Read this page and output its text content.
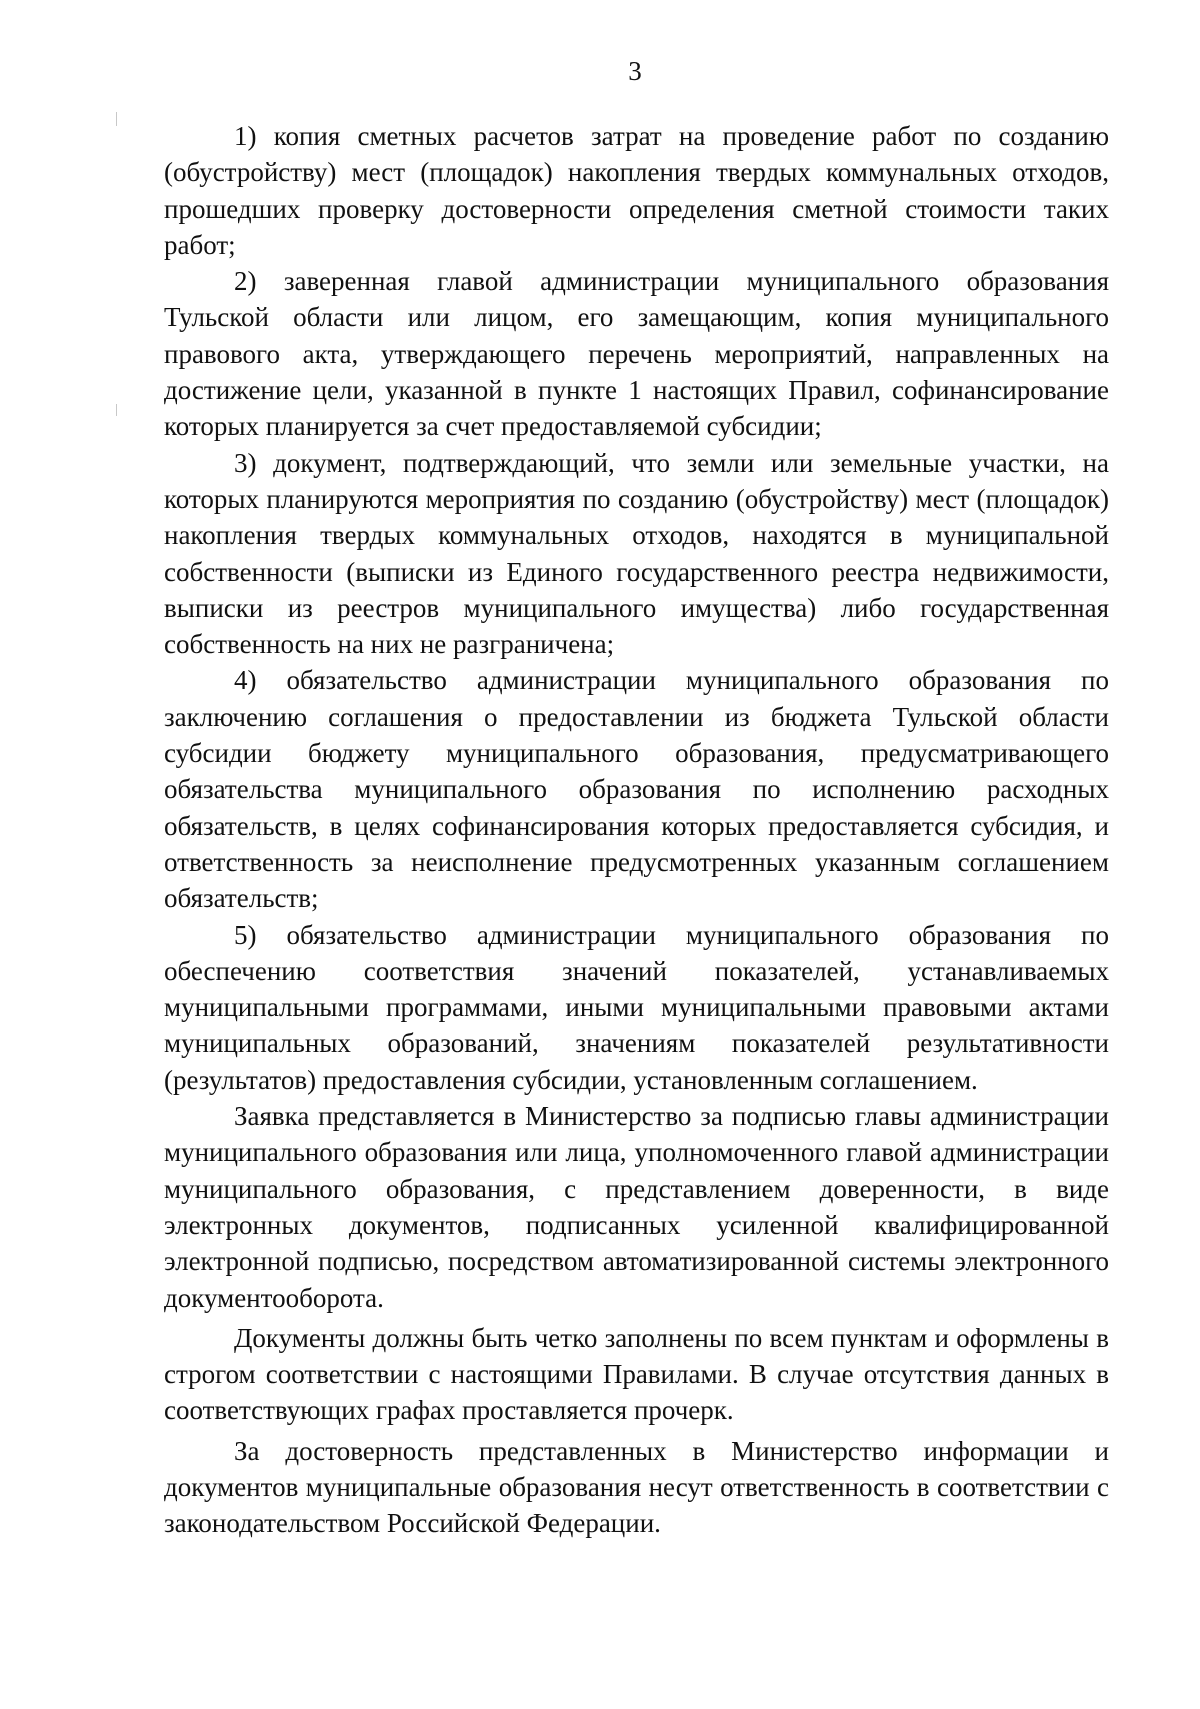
3

1) копия сметных расчетов затрат на проведение работ по созданию (обустройству) мест (площадок) накопления твердых коммунальных отходов, прошедших проверку достоверности определения сметной стоимости таких работ;

2) заверенная главой администрации муниципального образования Тульской области или лицом, его замещающим, копия муниципального правового акта, утверждающего перечень мероприятий, направленных на достижение цели, указанной в пункте 1 настоящих Правил, софинансирование которых планируется за счет предоставляемой субсидии;

3) документ, подтверждающий, что земли или земельные участки, на которых планируются мероприятия по созданию (обустройству) мест (площадок) накопления твердых коммунальных отходов, находятся в муниципальной собственности (выписки из Единого государственного реестра недвижимости, выписки из реестров муниципального имущества) либо государственная собственность на них не разграничена;

4) обязательство администрации муниципального образования по заключению соглашения о предоставлении из бюджета Тульской области субсидии бюджету муниципального образования, предусматривающего обязательства муниципального образования по исполнению расходных обязательств, в целях софинансирования которых предоставляется субсидия, и ответственность за неисполнение предусмотренных указанным соглашением обязательств;

5) обязательство администрации муниципального образования по обеспечению соответствия значений показателей, устанавливаемых муниципальными программами, иными муниципальными правовыми актами муниципальных образований, значениям показателей результативности (результатов) предоставления субсидии, установленным соглашением.

Заявка представляется в Министерство за подписью главы администрации муниципального образования или лица, уполномоченного главой администрации муниципального образования, с представлением доверенности, в виде электронных документов, подписанных усиленной квалифицированной электронной подписью, посредством автоматизированной системы электронного документооборота.

Документы должны быть четко заполнены по всем пунктам и оформлены в строгом соответствии с настоящими Правилами. В случае отсутствия данных в соответствующих графах проставляется прочерк.

За достоверность представленных в Министерство информации и документов муниципальные образования несут ответственность в соответствии с законодательством Российской Федерации.
